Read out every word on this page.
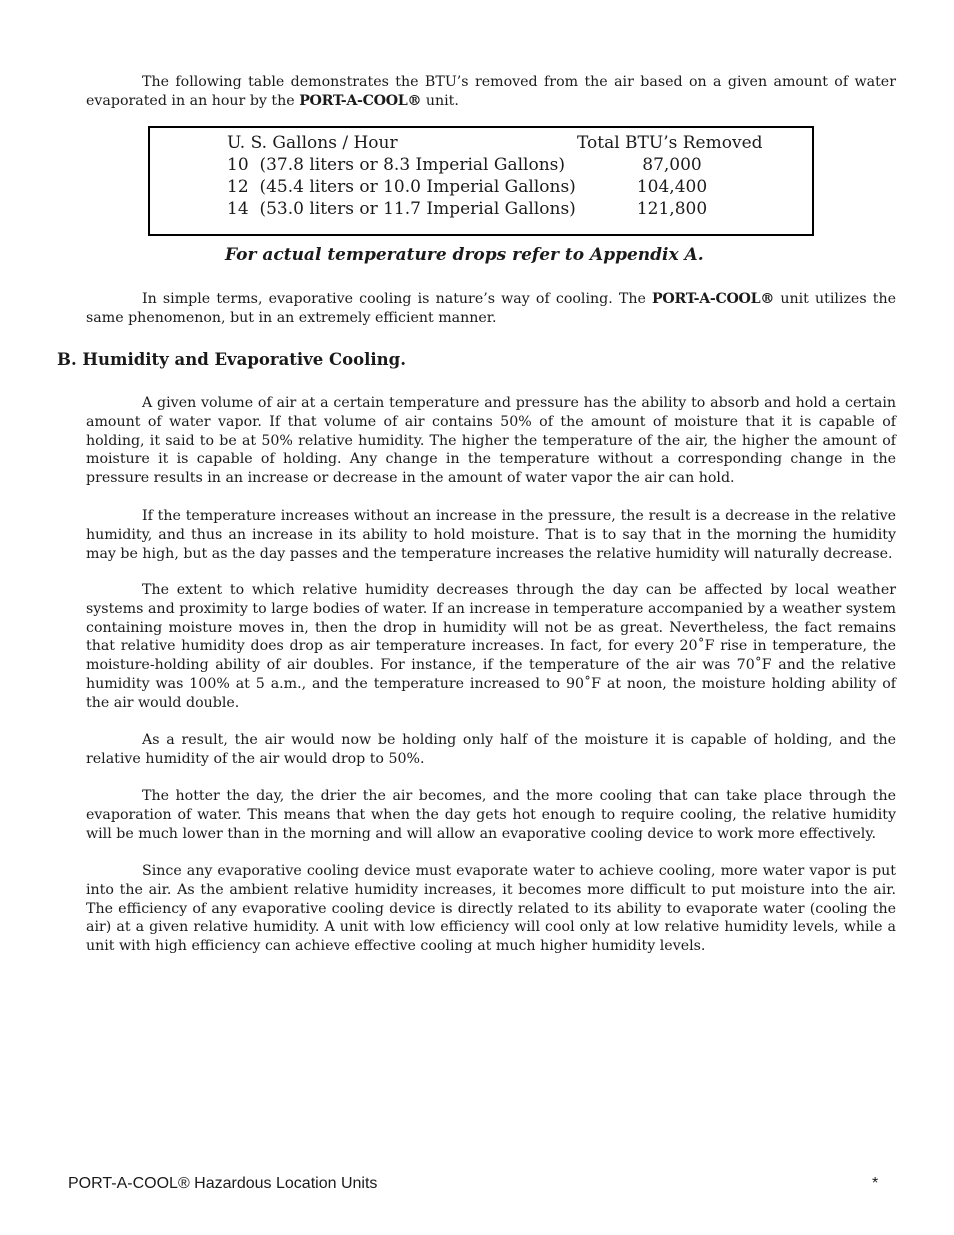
The following table demonstrates the BTU’s removed from the air based on a given amount of water evaporated in an hour by the PORT-A-COOL® unit.

U. S. Gallons / Hour	Total BTU’s Removed
10  (37.8 liters or 8.3 Imperial Gallons)	87,000
12  (45.4 liters or 10.0 Imperial Gallons)	104,400
14  (53.0 liters or 11.7 Imperial Gallons)	121,800
For actual temperature drops refer to Appendix A.

In simple terms, evaporative cooling is nature’s way of cooling. The PORT-A-COOL® unit utilizes the same phenomenon, but in an extremely efficient manner.

B. Humidity and Evaporative Cooling.

A given volume of air at a certain temperature and pressure has the ability to absorb and hold a certain amount of water vapor. If that volume of air contains 50% of the amount of moisture that it is capable of holding, it said to be at 50% relative humidity. The higher the temperature of the air, the higher the amount of moisture it is capable of holding. Any change in the temperature without a corresponding change in the pressure results in an increase or decrease in the amount of water vapor the air can hold.

If the temperature increases without an increase in the pressure, the result is a decrease in the relative humidity, and thus an increase in its ability to hold moisture. That is to say that in the morning the humidity may be high, but as the day passes and the temperature increases the relative humidity will naturally decrease.

The extent to which relative humidity decreases through the day can be affected by local weather systems and proximity to large bodies of water. If an increase in temperature accompanied by a weather system containing moisture moves in, then the drop in humidity will not be as great. Nevertheless, the fact remains that relative humidity does drop as air temperature increases. In fact, for every 20˚F rise in temperature, the moisture-holding ability of air doubles. For instance, if the temperature of the air was 70˚F and the relative humidity was 100% at 5 a.m., and the temperature increased to 90˚F at noon, the moisture holding ability of the air would double.

As a result, the air would now be holding only half of the moisture it is capable of holding, and the relative humidity of the air would drop to 50%.

The hotter the day, the drier the air becomes, and the more cooling that can take place through the evaporation of water. This means that when the day gets hot enough to require cooling, the relative humidity will be much lower than in the morning and will allow an evaporative cooling device to work more effectively.

Since any evaporative cooling device must evaporate water to achieve cooling, more water vapor is put into the air. As the ambient relative humidity increases, it becomes more difficult to put moisture into the air. The efficiency of any evaporative cooling device is directly related to its ability to evaporate water (cooling the air) at a given relative humidity. A unit with low efficiency will cool only at low relative humidity levels, while a unit with high efficiency can achieve effective cooling at much higher humidity levels.

PORT-A-COOL® Hazardous Location Units	*
